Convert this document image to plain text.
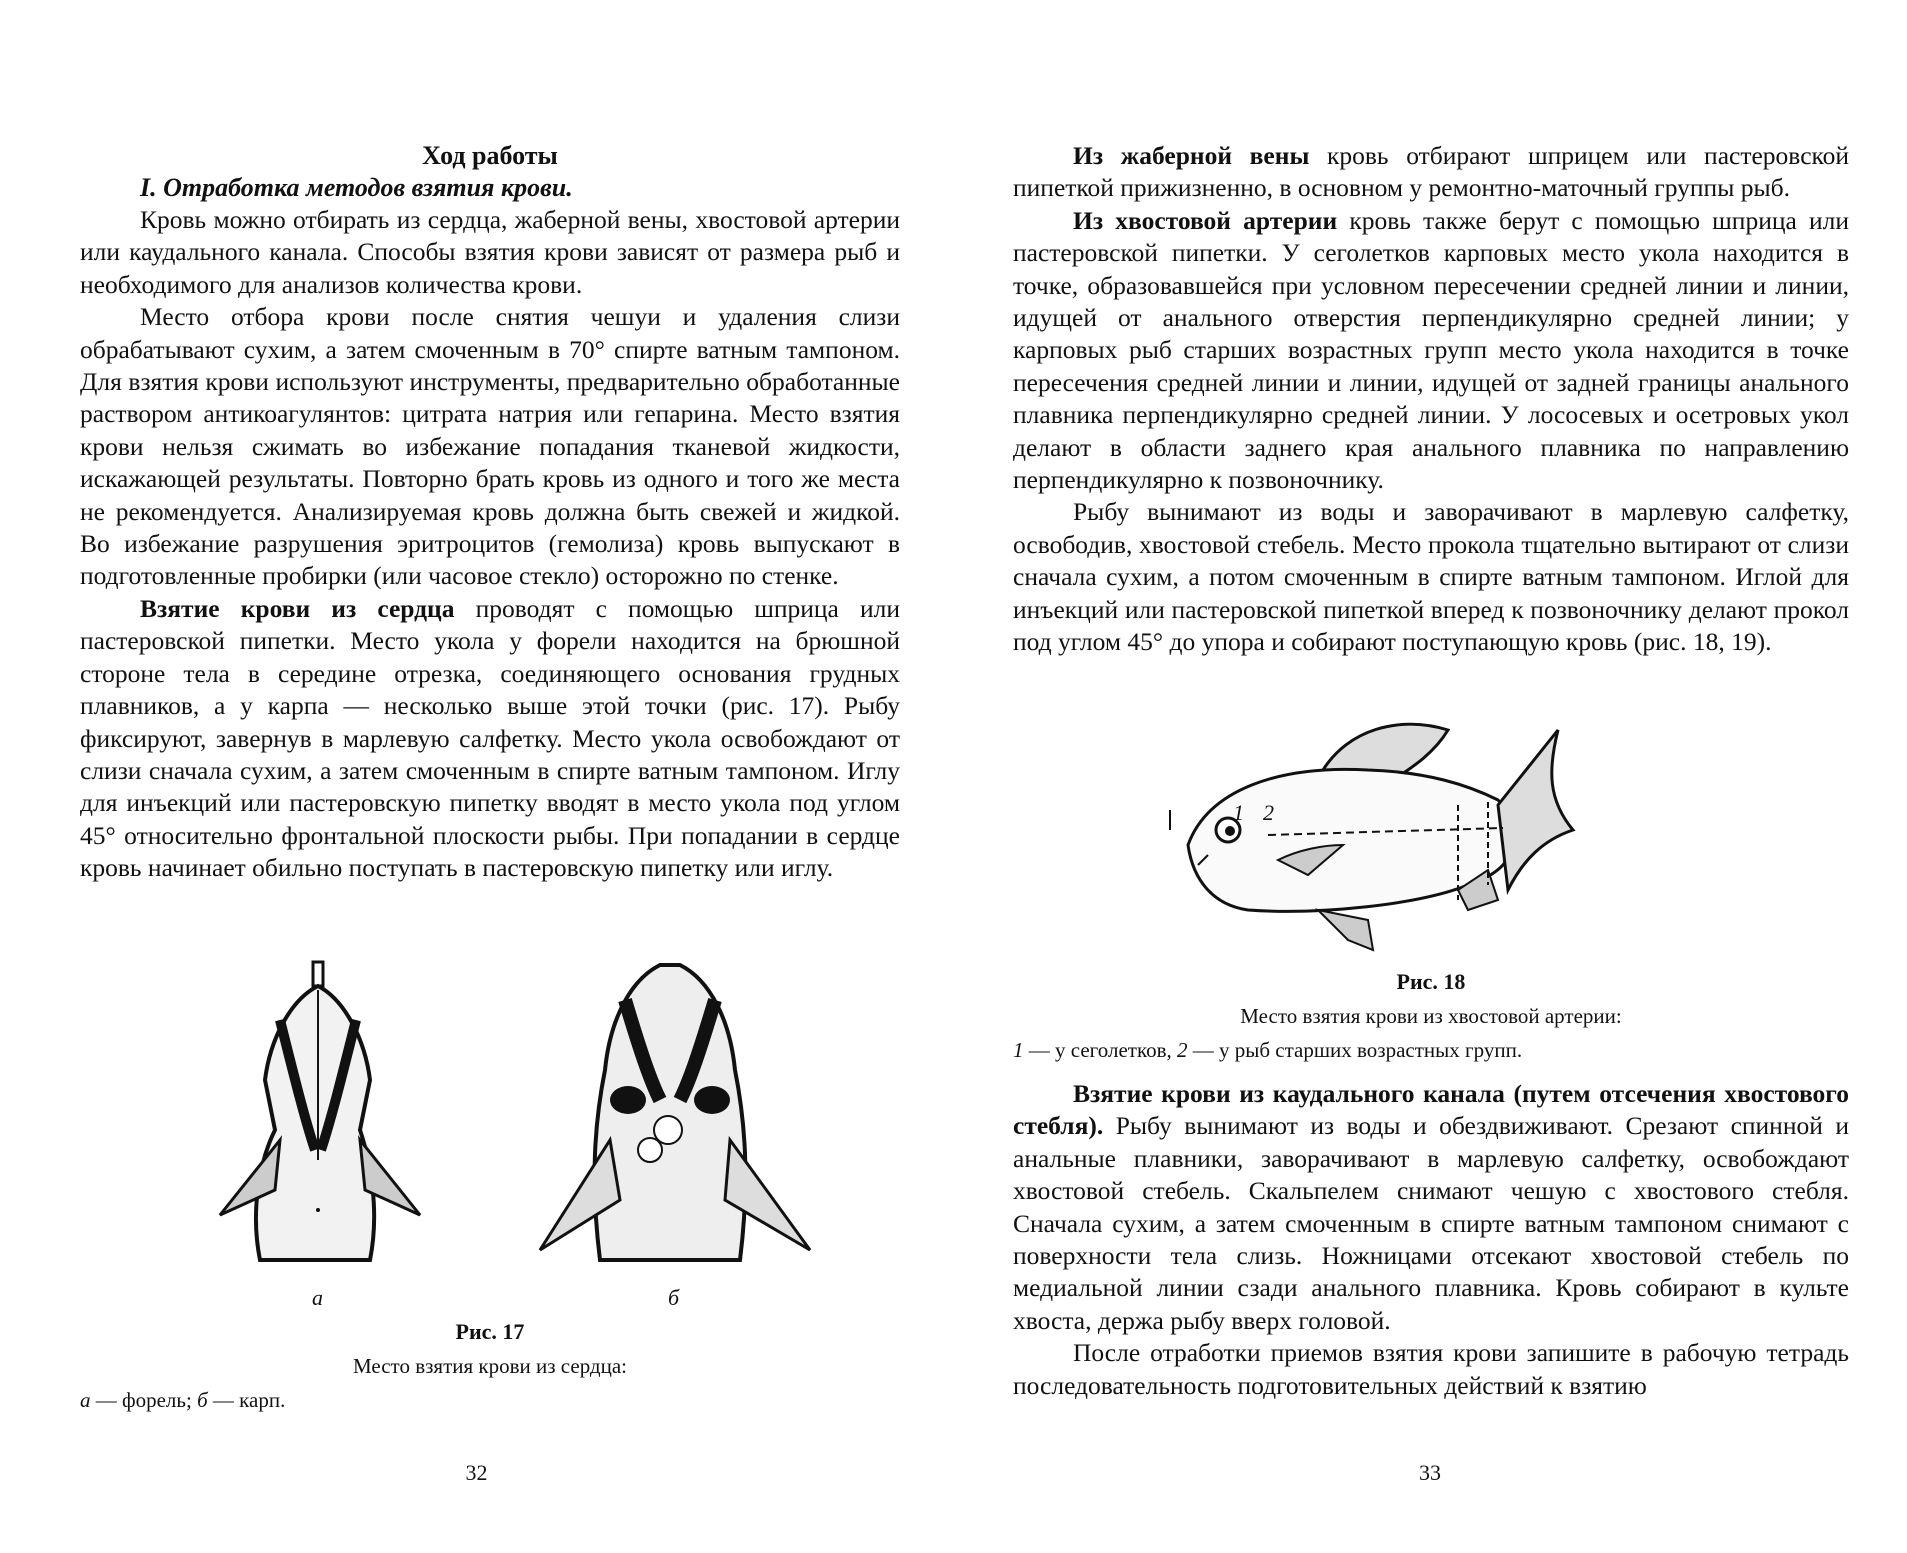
Ход работы
I. Отработка методов взятия крови.

Кровь можно отбирать из сердца, жаберной вены, хвостовой артерии или каудального канала. Способы взятия крови зависят от размера рыб и необходимого для анализов количества крови.

Место отбора крови после снятия чешуи и удаления слизи обрабатывают сухим, а затем смоченным в 70° спирте ватным тампоном. Для взятия крови используют инструменты, предварительно обработанные раствором антикоагулянтов: цитрата натрия или гепарина. Место взятия крови нельзя сжимать во избежание попадания тканевой жидкости, искажающей результаты. Повторно брать кровь из одного и того же места не рекомендуется. Анализируемая кровь должна быть свежей и жидкой. Во избежание разрушения эритроцитов (гемолиза) кровь выпускают в подготовленные пробирки (или часовое стекло) осторожно по стенке.

Взятие крови из сердца проводят с помощью шприца или пастеровской пипетки. Место укола у форели находится на брюшной стороне тела в середине отрезка, соединяющего основания грудных плавников, а у карпа — несколько выше этой точки (рис. 17). Рыбу фиксируют, завернув в марлевую салфетку. Место укола освобождают от слизи сначала сухим, а затем смоченным в спирте ватным тампоном. Иглу для инъекций или пастеровскую пипетку вводят в место укола под углом 45° относительно фронтальной плоскости рыбы. При попадании в сердце кровь начинает обильно поступать в пастеровскую пипетку или иглу.

а	б
Рис. 17
Место взятия крови из сердца:
а — форель; б — карп.
32

Из жаберной вены кровь отбирают шприцем или пастеровской пипеткой прижизненно, в основном у ремонтно-маточный группы рыб.

Из хвостовой артерии кровь также берут с помощью шприца или пастеровской пипетки. У сеголетков карповых место укола находится в точке, образовавшейся при условном пересечении средней линии и линии, идущей от анального отверстия перпендикулярно средней линии; у карповых рыб старших возрастных групп место укола находится в точке пересечения средней линии и линии, идущей от задней границы анального плавника перпендикулярно средней линии. У лососевых и осетровых укол делают в области заднего края анального плавника по направлению перпендикулярно к позвоночнику.

Рыбу вынимают из воды и заворачивают в марлевую салфетку, освободив, хвостовой стебель. Место прокола тщательно вытирают от слизи сначала сухим, а потом смоченным в спирте ватным тампоном. Иглой для инъекций или пастеровской пипеткой вперед к позвоночнику делают прокол под углом 45° до упора и собирают поступающую кровь (рис. 18, 19).

1 2
Рис. 18
Место взятия крови из хвостовой артерии:
1 — у сеголетков, 2 — у рыб старших возрастных групп.

Взятие крови из каудального канала (путем отсечения хвостового стебля). Рыбу вынимают из воды и обездвиживают. Срезают спинной и анальные плавники, заворачивают в марлевую салфетку, освобождают хвостовой стебель. Скальпелем снимают чешую с хвостового стебля. Сначала сухим, а затем смоченным в спирте ватным тампоном снимают с поверхности тела слизь. Ножницами отсекают хвостовой стебель по медиальной линии сзади анального плавника. Кровь собирают в культе хвоста, держа рыбу вверх головой.

После отработки приемов взятия крови запишите в рабочую тетрадь последовательность подготовительных действий к взятию

33
